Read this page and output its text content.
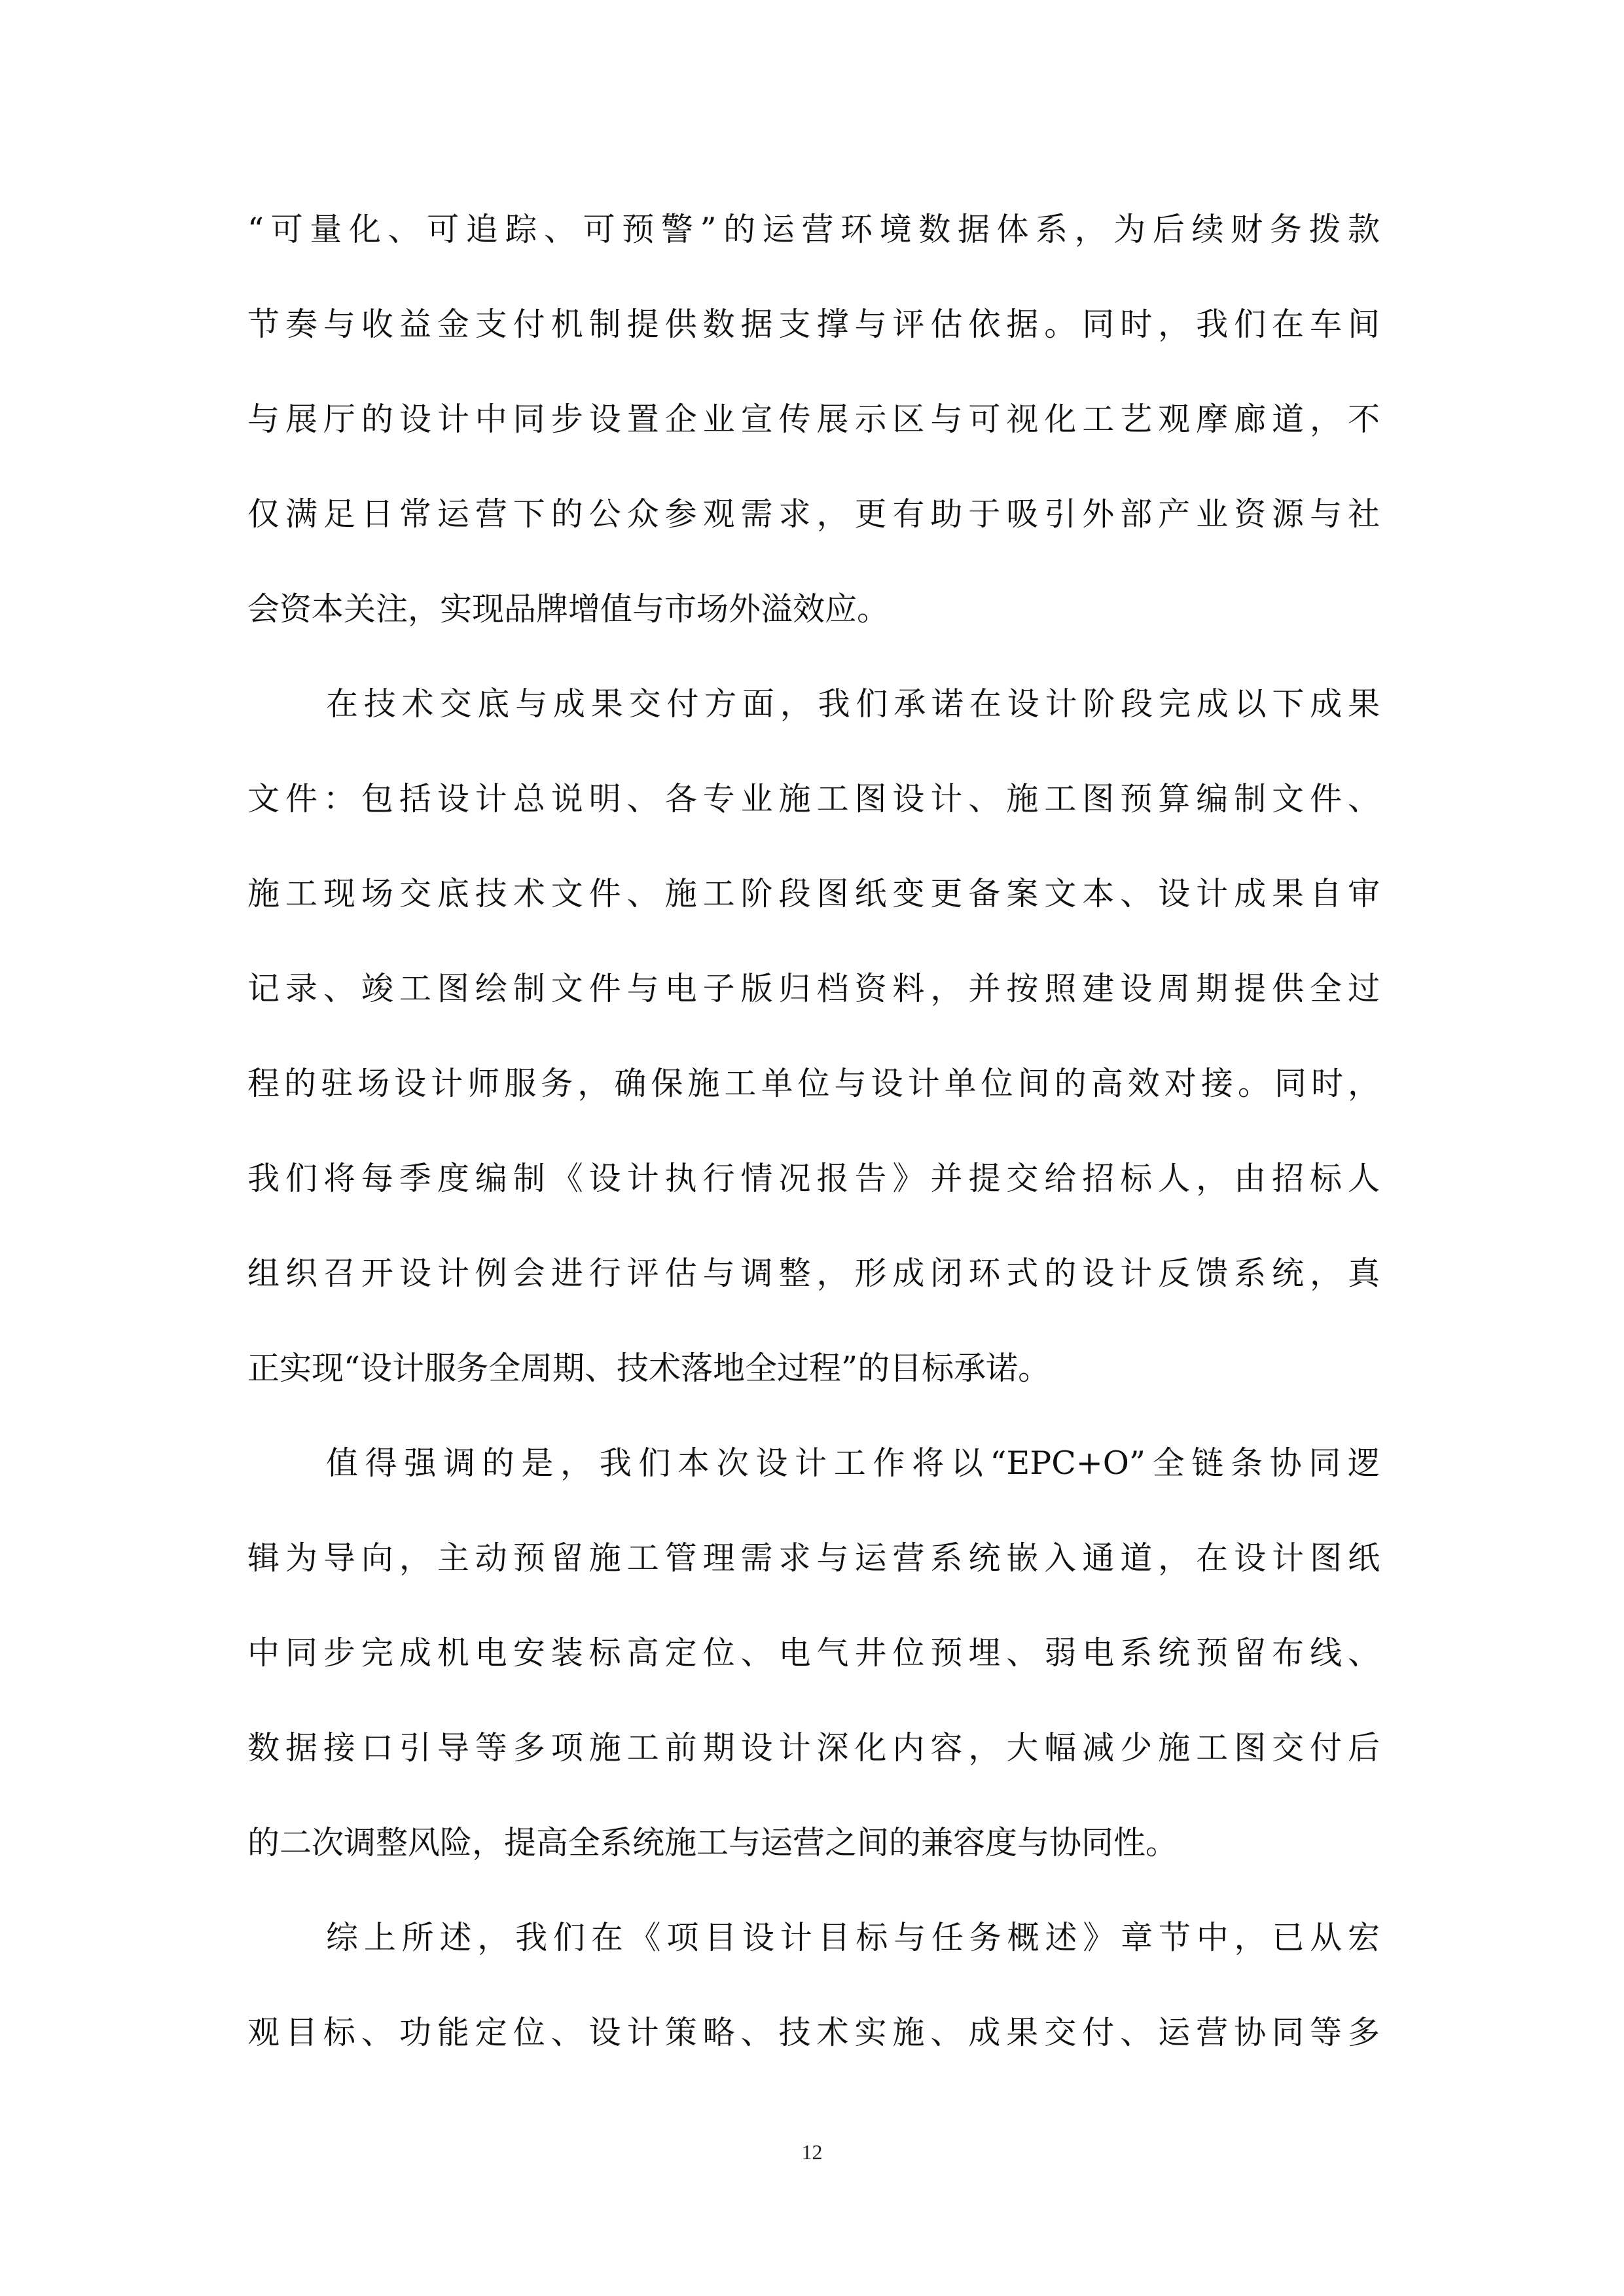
“可量化、可追踪、可预警”的运营环境数据体系，为后续财务拨款
节奏与收益金支付机制提供数据支撑与评估依据。同时，我们在车间
与展厅的设计中同步设置企业宣传展示区与可视化工艺观摩廊道，不
仅满足日常运营下的公众参观需求，更有助于吸引外部产业资源与社
会资本关注，实现品牌增值与市场外溢效应。
在技术交底与成果交付方面，我们承诺在设计阶段完成以下成果
文件：包括设计总说明、各专业施工图设计、施工图预算编制文件、
施工现场交底技术文件、施工阶段图纸变更备案文本、设计成果自审
记录、竣工图绘制文件与电子版归档资料，并按照建设周期提供全过
程的驻场设计师服务，确保施工单位与设计单位间的高效对接。同时，
我们将每季度编制《设计执行情况报告》并提交给招标人，由招标人
组织召开设计例会进行评估与调整，形成闭环式的设计反馈系统，真
正实现“设计服务全周期、技术落地全过程”的目标承诺。
值得强调的是，我们本次设计工作将以“EPC+O”全链条协同逻
辑为导向，主动预留施工管理需求与运营系统嵌入通道，在设计图纸
中同步完成机电安装标高定位、电气井位预埋、弱电系统预留布线、
数据接口引导等多项施工前期设计深化内容，大幅减少施工图交付后
的二次调整风险，提高全系统施工与运营之间的兼容度与协同性。
综上所述，我们在《项目设计目标与任务概述》章节中，已从宏
观目标、功能定位、设计策略、技术实施、成果交付、运营协同等多
12
